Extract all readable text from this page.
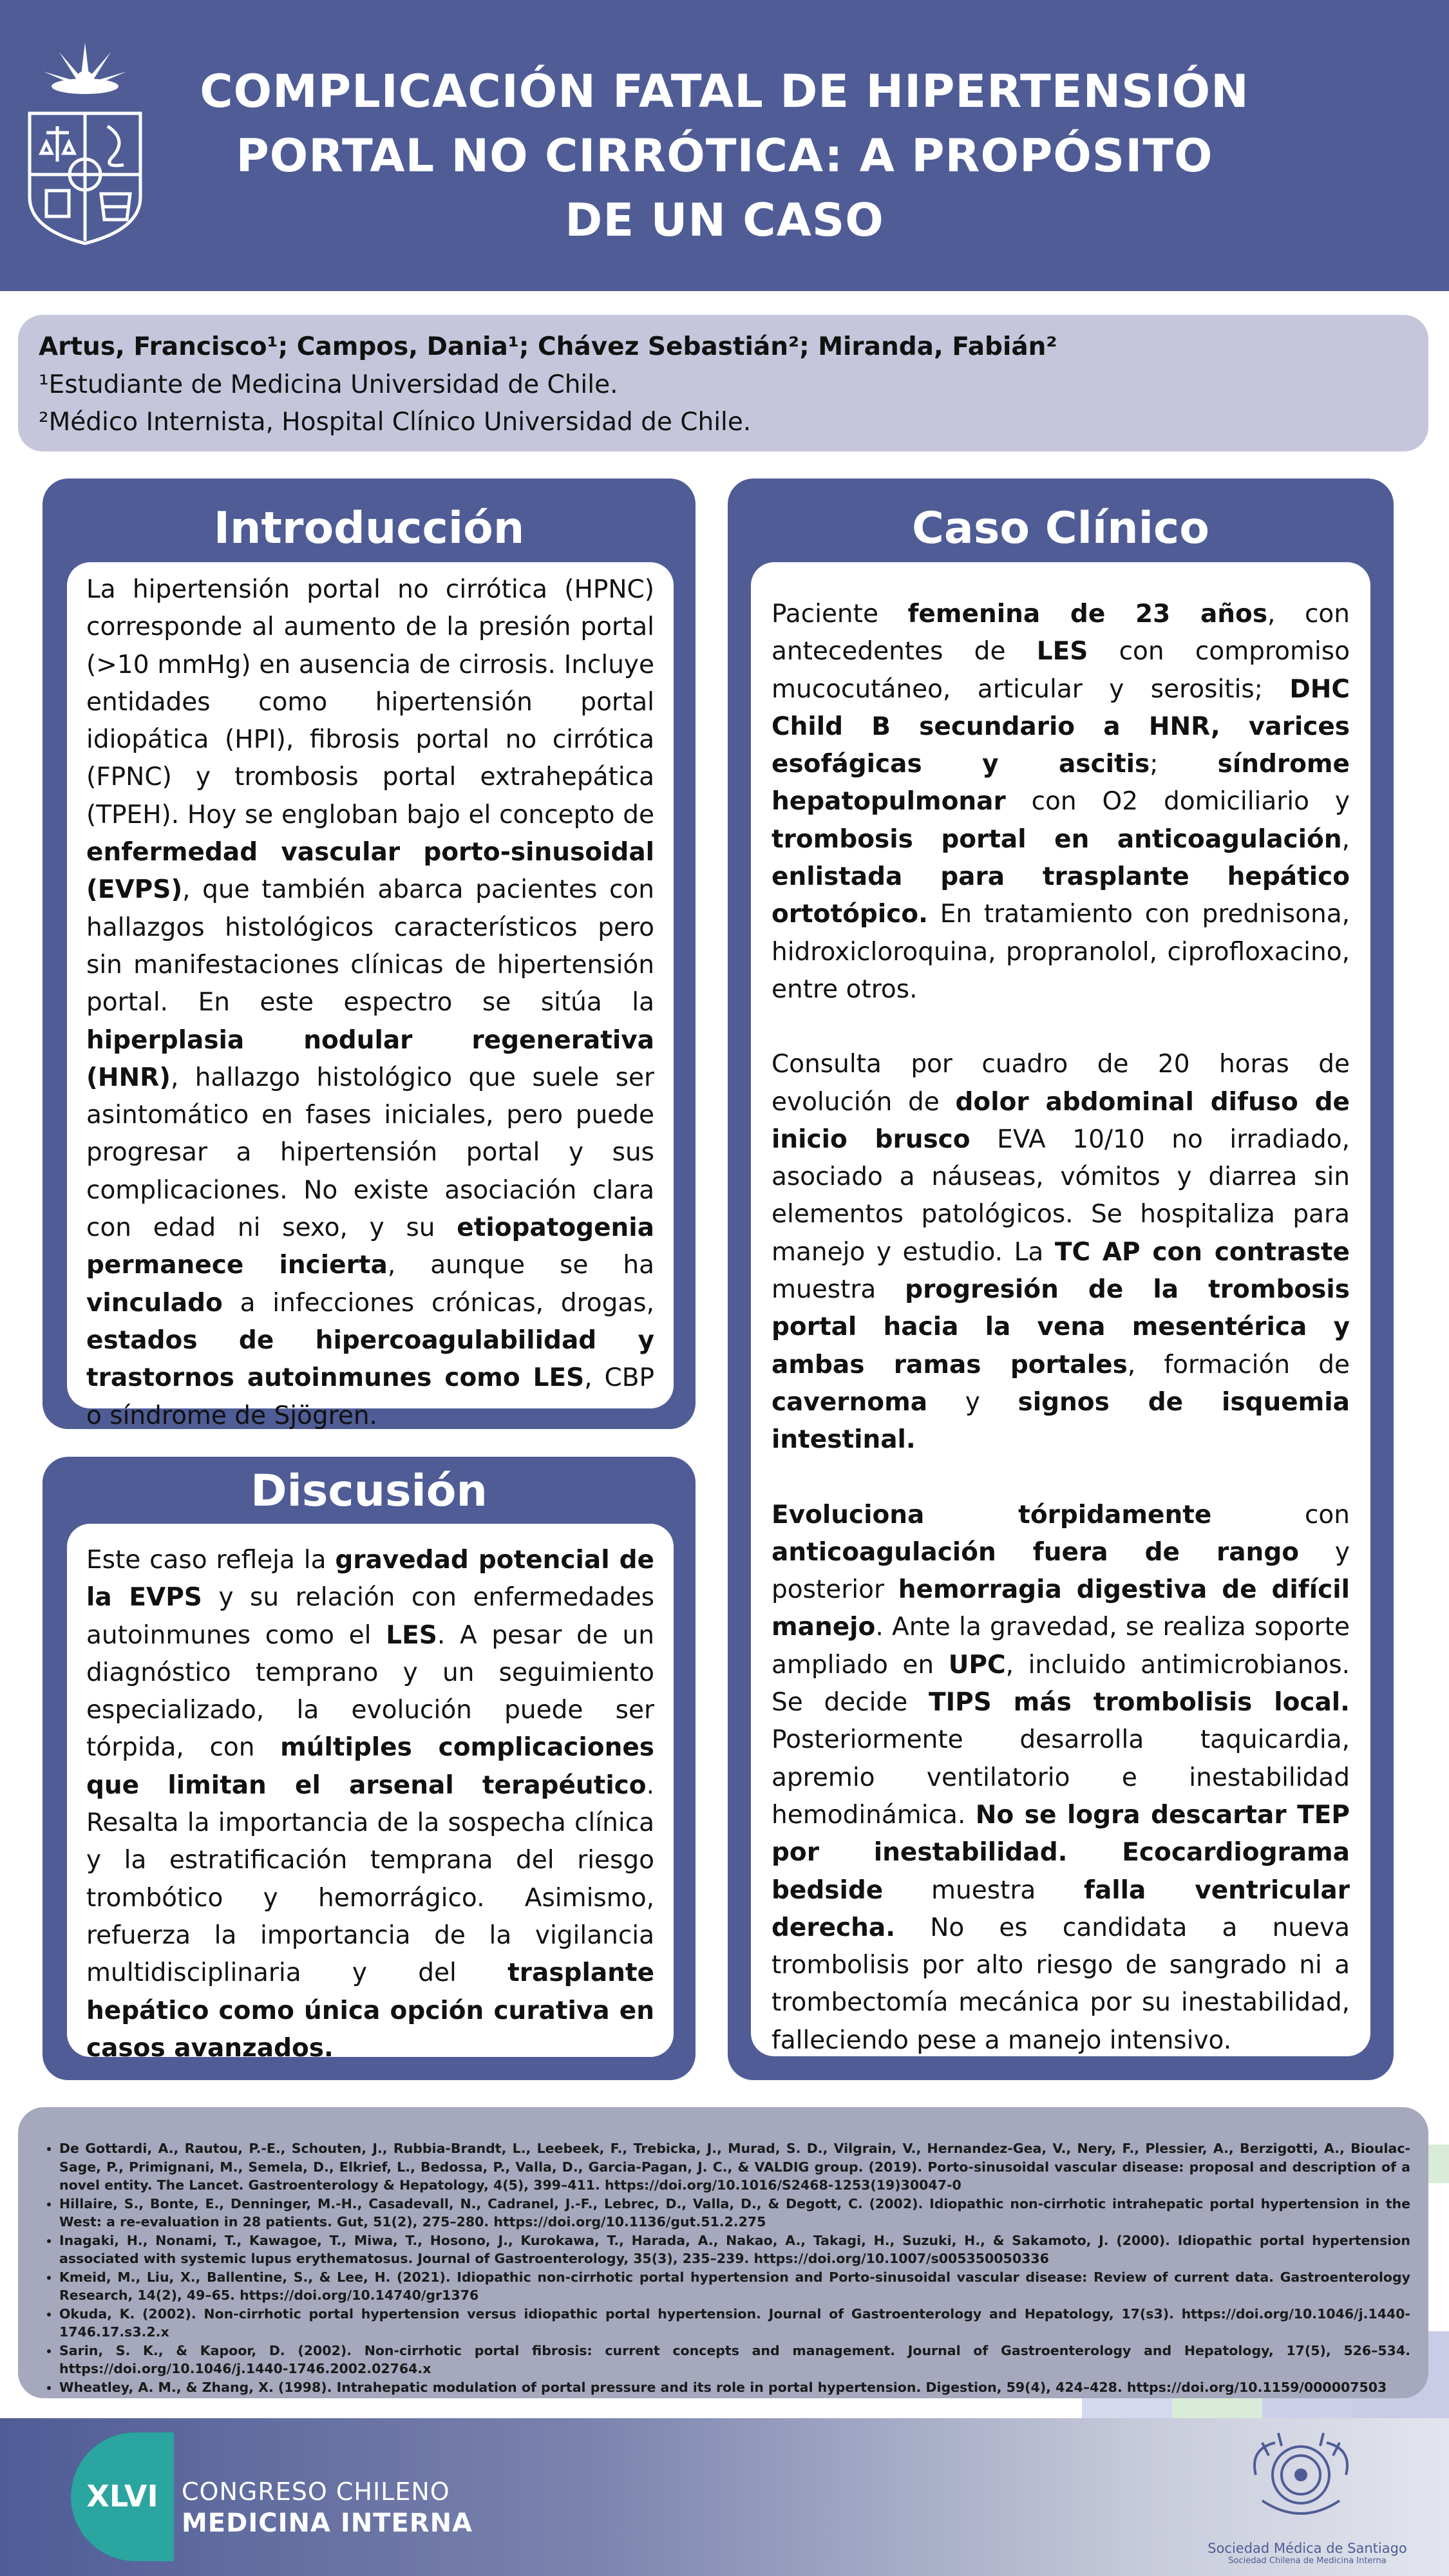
COMPLICACIÓN FATAL DE HIPERTENSIÓN PORTAL NO CIRRÓTICA: A PROPÓSITO DE UN CASO
Artus, Francisco¹; Campos, Dania¹; Chávez Sebastián²; Miranda, Fabián²
¹Estudiante de Medicina Universidad de Chile.
²Médico Internista, Hospital Clínico Universidad de Chile.
Introducción

La hipertensión portal no cirrótica (HPNC) corresponde al aumento de la presión portal (>10 mmHg) en ausencia de cirrosis. Incluye entidades como hipertensión portal idiopática (HPI), fibrosis portal no cirrótica (FPNC) y trombosis portal extrahepática (TPEH). Hoy se engloban bajo el concepto de enfermedad vascular porto-sinusoidal (EVPS), que también abarca pacientes con hallazgos histológicos característicos pero sin manifestaciones clínicas de hipertensión portal. En este espectro se sitúa la hiperplasia nodular regenerativa (HNR), hallazgo histológico que suele ser asintomático en fases iniciales, pero puede progresar a hipertensión portal y sus complicaciones. No existe asociación clara con edad ni sexo, y su etiopatogenia permanece incierta, aunque se ha vinculado a infecciones crónicas, drogas, estados de hipercoagulabilidad y trastornos autoinmunes como LES, CBP o síndrome de Sjögren.

Discusión

Este caso refleja la gravedad potencial de la EVPS y su relación con enfermedades autoinmunes como el LES. A pesar de un diagnóstico temprano y un seguimiento especializado, la evolución puede ser tórpida, con múltiples complicaciones que limitan el arsenal terapéutico. Resalta la importancia de la sospecha clínica y la estratificación temprana del riesgo trombótico y hemorrágico. Asimismo, refuerza la importancia de la vigilancia multidisciplinaria y del trasplante hepático como única opción curativa en casos avanzados.

Caso Clínico

Paciente femenina de 23 años, con antecedentes de LES con compromiso mucocutáneo, articular y serositis; DHC Child B secundario a HNR, varices esofágicas y ascitis; síndrome hepatopulmonar con O2 domiciliario y trombosis portal en anticoagulación, enlistada para trasplante hepático ortotópico. En tratamiento con prednisona, hidroxicloroquina, propranolol, ciprofloxacino, entre otros.

Consulta por cuadro de 20 horas de evolución de dolor abdominal difuso de inicio brusco EVA 10/10 no irradiado, asociado a náuseas, vómitos y diarrea sin elementos patológicos. Se hospitaliza para manejo y estudio. La TC AP con contraste muestra progresión de la trombosis portal hacia la vena mesentérica y ambas ramas portales, formación de cavernoma y signos de isquemia intestinal.

Evoluciona tórpidamente con anticoagulación fuera de rango y posterior hemorragia digestiva de difícil manejo. Ante la gravedad, se realiza soporte ampliado en UPC, incluido antimicrobianos. Se decide TIPS más trombolisis local. Posteriormente desarrolla taquicardia, apremio ventilatorio e inestabilidad hemodinámica. No se logra descartar TEP por inestabilidad. Ecocardiograma bedside muestra falla ventricular derecha. No es candidata a nueva trombolisis por alto riesgo de sangrado ni a trombectomía mecánica por su inestabilidad, falleciendo pese a manejo intensivo.

• De Gottardi, A., Rautou, P.-E., Schouten, J., Rubbia-Brandt, L., Leebeek, F., Trebicka, J., Murad, S. D., Vilgrain, V., Hernandez-Gea, V., Nery, F., Plessier, A., Berzigotti, A., Bioulac-Sage, P., Primignani, M., Semela, D., Elkrief, L., Bedossa, P., Valla, D., Garcia-Pagan, J. C., & VALDIG group. (2019). Porto-sinusoidal vascular disease: proposal and description of a novel entity. The Lancet. Gastroenterology & Hepatology, 4(5), 399–411. https://doi.org/10.1016/S2468-1253(19)30047-0
• Hillaire, S., Bonte, E., Denninger, M.-H., Casadevall, N., Cadranel, J.-F., Lebrec, D., Valla, D., & Degott, C. (2002). Idiopathic non-cirrhotic intrahepatic portal hypertension in the West: a re-evaluation in 28 patients. Gut, 51(2), 275–280. https://doi.org/10.1136/gut.51.2.275
• Inagaki, H., Nonami, T., Kawagoe, T., Miwa, T., Hosono, J., Kurokawa, T., Harada, A., Nakao, A., Takagi, H., Suzuki, H., & Sakamoto, J. (2000). Idiopathic portal hypertension associated with systemic lupus erythematosus. Journal of Gastroenterology, 35(3), 235–239. https://doi.org/10.1007/s005350050336
• Kmeid, M., Liu, X., Ballentine, S., & Lee, H. (2021). Idiopathic non-cirrhotic portal hypertension and Porto-sinusoidal vascular disease: Review of current data. Gastroenterology Research, 14(2), 49–65. https://doi.org/10.14740/gr1376
• Okuda, K. (2002). Non-cirrhotic portal hypertension versus idiopathic portal hypertension. Journal of Gastroenterology and Hepatology, 17(s3). https://doi.org/10.1046/j.1440-1746.17.s3.2.x
• Sarin, S. K., & Kapoor, D. (2002). Non-cirrhotic portal fibrosis: current concepts and management. Journal of Gastroenterology and Hepatology, 17(5), 526–534. https://doi.org/10.1046/j.1440-1746.2002.02764.x
• Wheatley, A. M., & Zhang, X. (1998). Intrahepatic modulation of portal pressure and its role in portal hypertension. Digestion, 59(4), 424–428. https://doi.org/10.1159/000007503
XLVI CONGRESO CHILENO
MEDICINA INTERNA
Sociedad Médica de Santiago
Sociedad Chilena de Medicina Interna
